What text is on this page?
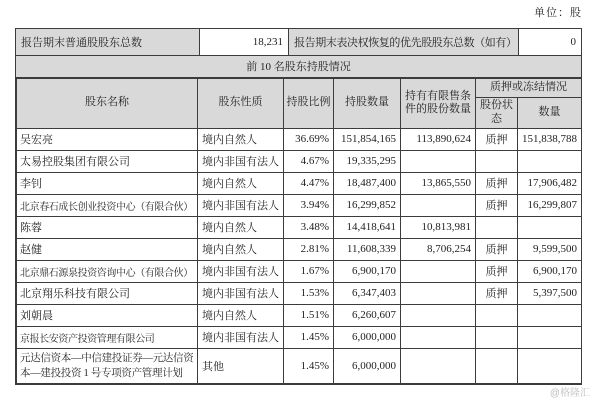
单位：股
报告期末普通股股东总数	18,231	报告期末表决权恢复的优先股股东总数（如有）	0
前 10 名股东持股情况
股东名称	股东性质	持股比例	持股数量	持有有限售条件的股份数量	质押或冻结情况	
					股份状态	数量
吴宏亮	境内自然人	36.69%	151,854,165	113,890,624	质押	151,838,788
太易控股集团有限公司	境内非国有法人	4.67%	19,335,295			
李钊	境内自然人	4.47%	18,487,400	13,865,550	质押	17,906,482
北京春石成长创业投资中心（有限合伙）	境内非国有法人	3.94%	16,299,852		质押	16,299,807
陈蓉	境内自然人	3.48%	14,418,641	10,813,981		
赵健	境内自然人	2.81%	11,608,339	8,706,254	质押	9,599,500
北京鼎石源泉投资咨询中心（有限合伙）	境内非国有法人	1.67%	6,900,170		质押	6,900,170
北京翔乐科技有限公司	境内非国有法人	1.53%	6,347,403		质押	5,397,500
刘朝晨	境内自然人	1.51%	6,260,607			
京报长安资产投资管理有限公司	境内非国有法人	1.45%	6,000,000			
元达信资本—中信建投证券—元达信资本—建投投资 1 号专项资产管理计划	其他	1.45%	6,000,000			
@格隆汇
